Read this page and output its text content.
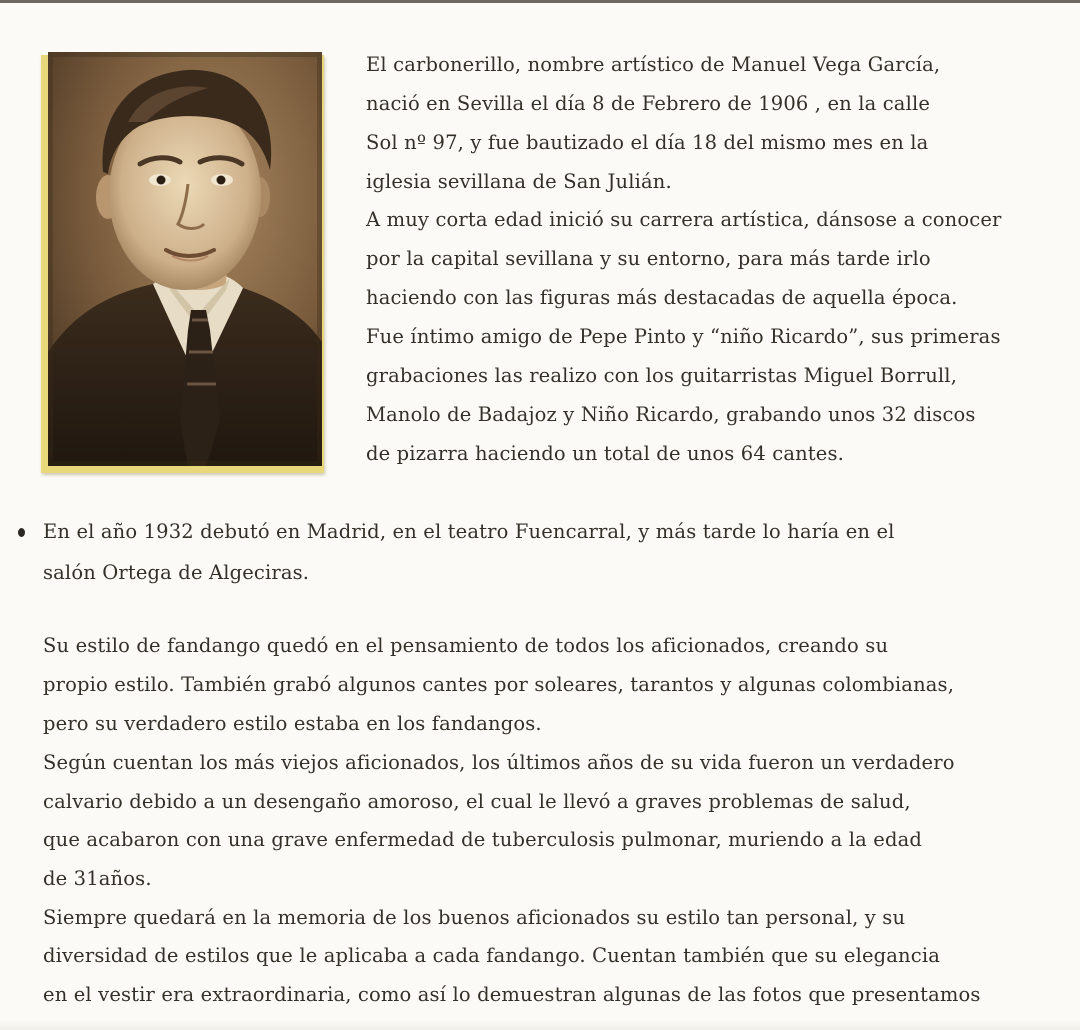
El carbonerillo, nombre artístico de Manuel Vega García,

nació en Sevilla el día 8 de Febrero de 1906 , en la calle

Sol nº 97, y fue bautizado el día 18 del mismo mes en la

iglesia sevillana de San Julián.

A muy corta edad inició su carrera artística, dánsose a conocer

por la capital sevillana y su entorno, para más tarde irlo

haciendo con las figuras más destacadas de aquella época.

Fue íntimo amigo de Pepe Pinto y “niño Ricardo”, sus primeras

grabaciones las realizo con los guitarristas Miguel Borrull,

Manolo de Badajoz y Niño Ricardo, grabando unos 32 discos

de pizarra haciendo un total de unos 64 cantes.

En el año 1932 debutó en Madrid, en el teatro Fuencarral, y más tarde lo haría en el

salón Ortega de Algeciras.

Su estilo de fandango quedó en el pensamiento de todos los aficionados, creando su

propio estilo. También grabó algunos cantes por soleares, tarantos y algunas colombianas,

pero su verdadero estilo estaba en los fandangos.

Según cuentan los más viejos aficionados, los últimos años de su vida fueron un verdadero

calvario debido a un desengaño amoroso, el cual le llevó a graves problemas de salud,

que acabaron con una grave enfermedad de tuberculosis pulmonar, muriendo a la edad

de 31años.

Siempre quedará en la memoria de los buenos aficionados su estilo tan personal, y su

diversidad de estilos que le aplicaba a cada fandango. Cuentan también que su elegancia

en el vestir era extraordinaria, como así lo demuestran algunas de las fotos que presentamos
